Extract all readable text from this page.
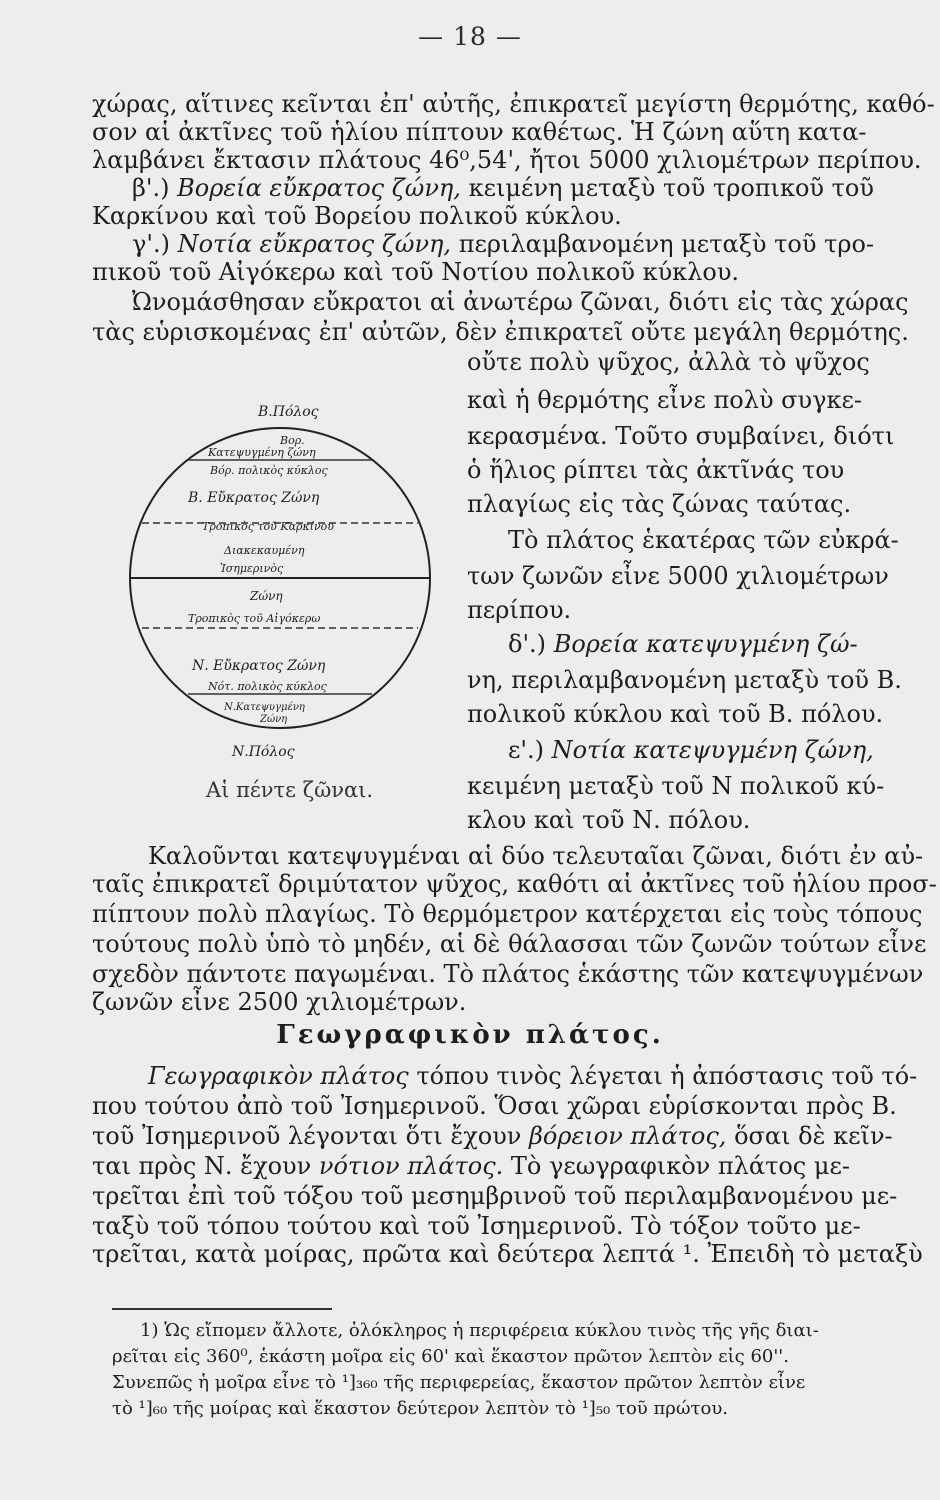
— 18 —
χώρας, αἵτινες κεῖνται ἐπ' αὐτῆς, ἐπικρατεῖ μεγίστη θερμότης, καθό-
σον αἱ ἀκτῖνες τοῦ ἡλίου πίπτουν καθέτως. Ἡ ζώνη αὕτη κατα-
λαμβάνει ἔκτασιν πλάτους 46⁰,54', ἤτοι 5000 χιλιομέτρων περίπου.
β'.) Βορεία εὔκρατος ζώνη, κειμένη μεταξὺ τοῦ τροπικοῦ τοῦ
Καρκίνου καὶ τοῦ Βορείου πολικοῦ κύκλου.
γ'.) Νοτία εὔκρατος ζώνη, περιλαμβανομένη μεταξὺ τοῦ τρο-
πικοῦ τοῦ Αἰγόκερω καὶ τοῦ Νοτίου πολικοῦ κύκλου.
Ὠνομάσθησαν εὔκρατοι αἱ ἀνωτέρω ζῶναι, διότι εἰς τὰς χώρας
τὰς εὑρισκομένας ἐπ' αὐτῶν, δὲν ἐπικρατεῖ οὔτε μεγάλη θερμότης.
Β.Πόλος
Βορ.
Κατεψυγμένη ζώνη
Βόρ. πολικὸς κύκλος
Β. Εὔκρατος Ζώνη
Τροπικὸς τοῦ Καρκίνου
Διακεκαυμένη
Ἰσημερινὸς
Ζώνη
Τροπικὸς τοῦ Αἰγόκερω
Ν. Εὔκρατος Ζώνη
Νότ. πολικὸς κύκλος
Ν.Κατεψυγμένη
Ζώνη
Ν.Πόλος
Αἱ πέντε ζῶναι.
οὔτε πολὺ ψῦχος, ἀλλὰ τὸ ψῦχος
καὶ ἡ θερμότης εἶνε πολὺ συγκε-
κερασμένα. Τοῦτο συμβαίνει, διότι
ὁ ἥλιος ρίπτει τὰς ἀκτῖνάς του
πλαγίως εἰς τὰς ζώνας ταύτας.
Τὸ πλάτος ἑκατέρας τῶν εὐκρά-
των ζωνῶν εἶνε 5000 χιλιομέτρων
περίπου.
δ'.) Βορεία κατεψυγμένη ζώ-
νη, περιλαμβανομένη μεταξὺ τοῦ Β.
πολικοῦ κύκλου καὶ τοῦ Β. πόλου.
ε'.) Νοτία κατεψυγμένη ζώνη,
κειμένη μεταξὺ τοῦ Ν πολικοῦ κύ-
κλου καὶ τοῦ Ν. πόλου.
Καλοῦνται κατεψυγμέναι αἱ δύο τελευταῖαι ζῶναι, διότι ἐν αὐ-
ταῖς ἐπικρατεῖ δριμύτατον ψῦχος, καθότι αἱ ἀκτῖνες τοῦ ἡλίου προσ-
πίπτουν πολὺ πλαγίως. Τὸ θερμόμετρον κατέρχεται εἰς τοὺς τόπους
τούτους πολὺ ὑπὸ τὸ μηδέν, αἱ δὲ θάλασσαι τῶν ζωνῶν τούτων εἶνε
σχεδὸν πάντοτε παγωμέναι. Τὸ πλάτος ἑκάστης τῶν κατεψυγμένων
ζωνῶν εἶνε 2500 χιλιομέτρων.
Γεωγραφικὸν πλάτος.
Γεωγραφικὸν πλάτος τόπου τινὸς λέγεται ἡ ἀπόστασις τοῦ τό-
που τούτου ἀπὸ τοῦ Ἰσημερινοῦ. Ὅσαι χῶραι εὑρίσκονται πρὸς Β.
τοῦ Ἰσημερινοῦ λέγονται ὅτι ἔχουν βόρειον πλάτος, ὅσαι δὲ κεῖν-
ται πρὸς Ν. ἔχουν νότιον πλάτος. Τὸ γεωγραφικὸν πλάτος με-
τρεῖται ἐπὶ τοῦ τόξου τοῦ μεσημβρινοῦ τοῦ περιλαμβανομένου με-
ταξὺ τοῦ τόπου τούτου καὶ τοῦ Ἰσημερινοῦ. Τὸ τόξον τοῦτο με-
τρεῖται, κατὰ μοίρας, πρῶτα καὶ δεύτερα λεπτά ¹. Ἐπειδὴ τὸ μεταξὺ
1) Ὡς εἴπομεν ἄλλοτε, ὁλόκληρος ἡ περιφέρεια κύκλου τινὸς τῆς γῆς διαι-
ρεῖται εἰς 360⁰, ἑκάστη μοῖρα εἰς 60' καὶ ἕκαστον πρῶτον λεπτὸν εἰς 60''.
Συνεπῶς ἡ μοῖρα εἶνε τὸ ¹]₃₆₀ τῆς περιφερείας, ἕκαστον πρῶτον λεπτὸν εἶνε
τὸ ¹]₆₀ τῆς μοίρας καὶ ἕκαστον δεύτερον λεπτὸν τὸ ¹]₅₀ τοῦ πρώτου.
